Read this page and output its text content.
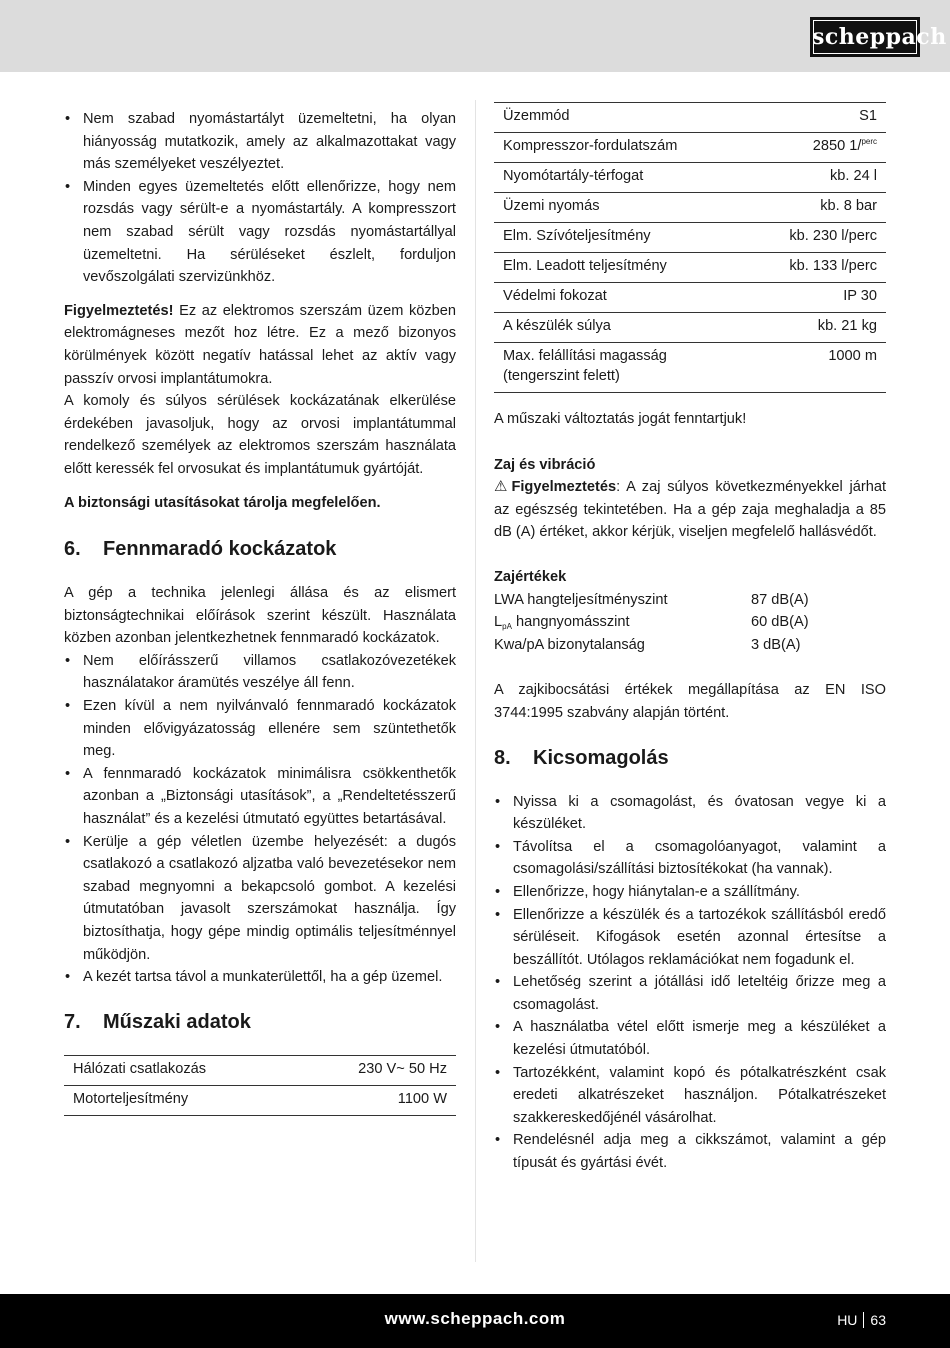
scheppach
• Nem szabad nyomástartályt üzemeltetni, ha olyan hiányosság mutatkozik, amely az alkalmazottakat vagy más személyeket veszélyeztet.
• Minden egyes üzemeltetés előtt ellenőrizze, hogy nem rozsdás vagy sérült-e a nyomástartály. A kompresszort nem szabad sérült vagy rozsdás nyomástartállyal üzemeltetni. Ha sérüléseket észlelt, forduljon vevőszolgálati szervizünkhöz.

Figyelmeztetés! Ez az elektromos szerszám üzem közben elektromágneses mezőt hoz létre. Ez a mező bizonyos körülmények között negatív hatással lehet az aktív vagy passzív orvosi implantátumokra.

A komoly és súlyos sérülések kockázatának elkerülése érdekében javasoljuk, hogy az orvosi implantátummal rendelkező személyek az elektromos szerszám használata előtt keressék fel orvosukat és implantátumuk gyártóját.

A biztonsági utasításokat tárolja megfelelően.

6.	Fennmaradó kockázatok

A gép a technika jelenlegi állása és az elismert biztonságtechnikai előírások szerint készült. Használata közben azonban jelentkezhetnek fennmaradó kockázatok.

• Nem előírásszerű villamos csatlakozóvezetékek használatakor áramütés veszélye áll fenn.
• Ezen kívül a nem nyilvánvaló fennmaradó kockázatok minden elővigyázatosság ellenére sem szüntethetők meg.
• A fennmaradó kockázatok minimálisra csökkenthetők azonban a „Biztonsági utasítások”, a „Rendeltetésszerű használat” és a kezelési útmutató együttes betartásával.
• Kerülje a gép véletlen üzembe helyezését: a dugós csatlakozó a csatlakozó aljzatba való bevezetésekor nem szabad megnyomni a bekapcsoló gombot. A kezelési útmutatóban javasolt szerszámokat használja. Így biztosíthatja, hogy gépe mindig optimális teljesítménnyel működjön.
• A kezét tartsa távol a munkaterülettől, ha a gép üzemel.
7.	Műszaki adatok
Hálózati csatlakozás	230 V~ 50 Hz
Motorteljesítmény	1100 W
Üzemmód	S1
Kompresszor-fordulatszám	2850 1/$^{perc}$
Nyomótartály-térfogat	kb. 24 l
Üzemi nyomás	kb. 8 bar
Elm. Szívóteljesítmény	kb. 230 l/perc
Elm. Leadott teljesítmény	kb. 133 l/perc
Védelmi fokozat	IP 30
A készülék súlya	kb. 21 kg

Max. felállítási magasság
(tengerszint felett)	1000 m

A műszaki változtatás jogát fenntartjuk!

Zaj és vibráció

⚠ Figyelmeztetés: A zaj súlyos következményekkel járhat az egészség tekintetében. Ha a gép zaja meghaladja a 85 dB (A) értéket, akkor kérjük, viseljen megfelelő hallásvédőt.

Zajértékek

LWA hangteljesítményszint	87 dB(A)
$L_{pA}$ hangnyomásszint	60 dB(A)
Kwa/pA bizonytalanság	3 dB(A)

A zajkibocsátási értékek megállapítása az EN ISO 3744:1995 szabvány alapján történt.

8.	Kicsomagolás
• Nyissa ki a csomagolást, és óvatosan vegye ki a készüléket.
• Távolítsa el a csomagolóanyagot, valamint a csomagolási/szállítási biztosítékokat (ha vannak).
• Ellenőrizze, hogy hiánytalan-e a szállítmány.
• Ellenőrizze a készülék és a tartozékok szállításból eredő sérüléseit. Kifogások esetén azonnal értesítse a beszállítót. Utólagos reklamációkat nem fogadunk el.
• Lehetőség szerint a jótállási idő leteltéig őrizze meg a csomagolást.
• A használatba vétel előtt ismerje meg a készüléket a kezelési útmutatóból.
• Tartozékként, valamint kopó és pótalkatrészként csak eredeti alkatrészeket használjon. Pótalkatrészeket szakkereskedőjénél vásárolhat.
• Rendelésnél adja meg a cikkszámot, valamint a gép típusát és gyártási évét.
www.scheppach.com	HU 63
